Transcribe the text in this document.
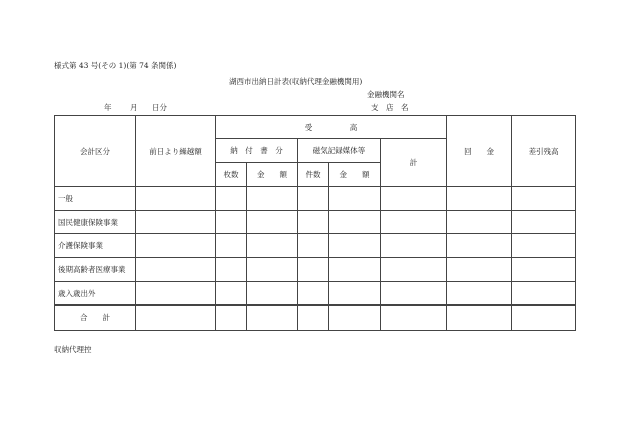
様式第 43 号(その 1)(第 74 条関係)
湖西市出納日計表(収納代理金融機関用)
金融機関名
年 月 日分	支　店　名
会計区分	前日より繰越額	受　　　　　高					回　　金	差引残高
		納　付　書　分		磁気記録媒体等		計		
		枚数	金　　額	件数	金　　額			
一般								
国民健康保険事業								
介護保険事業								
後期高齢者医療事業								
歳入歳出外								
合　　計								
収納代理控
